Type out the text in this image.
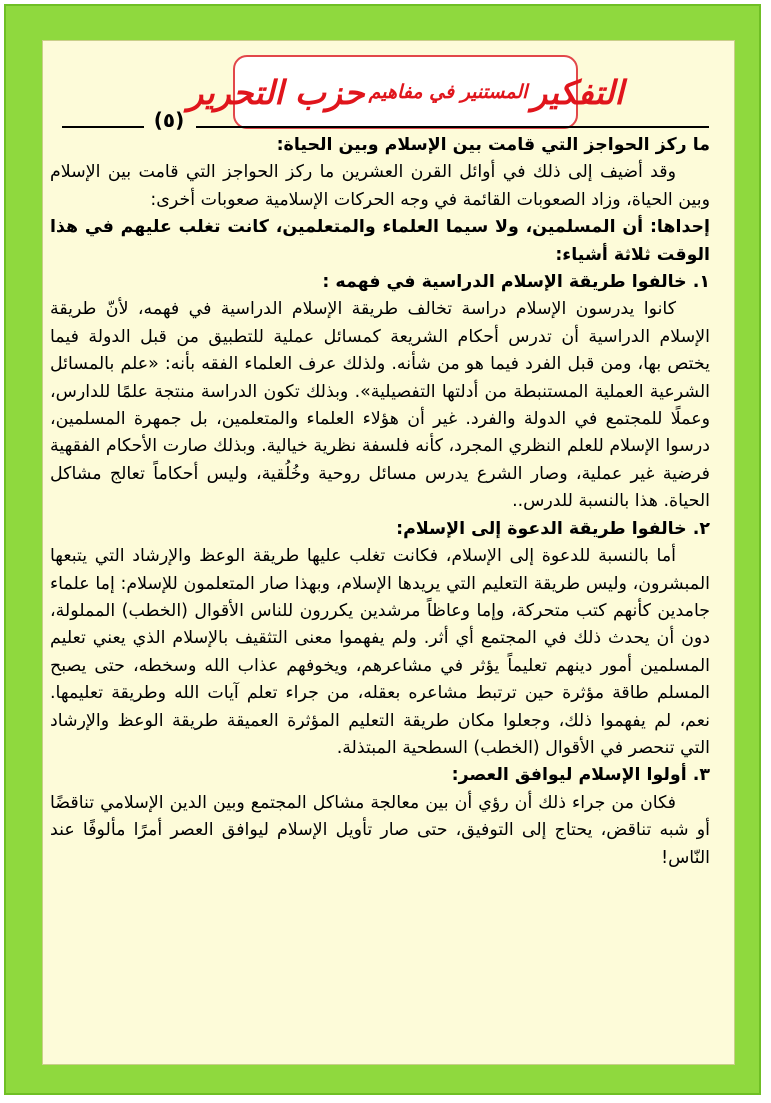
التفكير
المستنير في مفاهيم
حزب التحرير
(٥)

ما ركز الحواجز التي قامت بين الإسلام وبين الحياة:

وقد أضيف إلى ذلك في أوائل القرن العشرين ما ركز الحواجز التي قامت بين الإسلام وبين الحياة، وزاد الصعوبات القائمة في وجه الحركات الإسلامية صعوبات أخرى:

إحداها: أن المسلمين، ولا سيما العلماء والمتعلمين، كانت تغلب عليهم في هذا الوقت ثلاثة أشياء:

١. خالفوا طريقة الإسلام الدراسية في فهمه :

كانوا يدرسون الإسلام دراسة تخالف طريقة الإسلام الدراسية في فهمه، لأنّ طريقة الإسلام الدراسية أن تدرس أحكام الشريعة كمسائل عملية للتطبيق من قبل الدولة فيما يختص بها، ومن قبل الفرد فيما هو من شأنه. ولذلك عرف العلماء الفقه بأنه: «علم بالمسائل الشرعية العملية المستنبطة من أدلتها التفصيلية». وبذلك تكون الدراسة منتجة علمًا للدارس، وعملًا للمجتمع في الدولة والفرد. غير أن هؤلاء العلماء والمتعلمين، بل جمهرة المسلمين، درسوا الإسلام للعلم النظري المجرد، كأنه فلسفة نظرية خيالية. وبذلك صارت الأحكام الفقهية فرضية غير عملية، وصار الشرع يدرس مسائل روحية وخُلُقية، وليس أحكاماً تعالج مشاكل الحياة. هذا بالنسبة للدرس..

٢. خالفوا طريقة الدعوة إلى الإسلام:

أما بالنسبة للدعوة إلى الإسلام، فكانت تغلب عليها طريقة الوعظ والإرشاد التي يتبعها المبشرون، وليس طريقة التعليم التي يريدها الإسلام، وبهذا صار المتعلمون للإسلام: إما علماء جامدين كأنهم كتب متحركة، وإما وعاظاً مرشدين يكررون للناس الأقوال (الخطب) المملولة، دون أن يحدث ذلك في المجتمع أي أثر. ولم يفهموا معنى التثقيف بالإسلام الذي يعني تعليم المسلمين أمور دينهم تعليماً يؤثر في مشاعرهم، ويخوفهم عذاب الله وسخطه، حتى يصبح المسلم طاقة مؤثرة حين ترتبط مشاعره بعقله، من جراء تعلم آيات الله وطريقة تعليمها. نعم، لم يفهموا ذلك، وجعلوا مكان طريقة التعليم المؤثرة العميقة طريقة الوعظ والإرشاد التي تنحصر في الأقوال (الخطب) السطحية المبتذلة.

٣. أولوا الإسلام ليوافق العصر:

فكان من جراء ذلك أن رؤي أن بين معالجة مشاكل المجتمع وبين الدين الإسلامي تناقضًا أو شبه تناقض، يحتاج إلى التوفيق، حتى صار تأويل الإسلام ليوافق العصر أمرًا مألوفًا عند النّاس!
